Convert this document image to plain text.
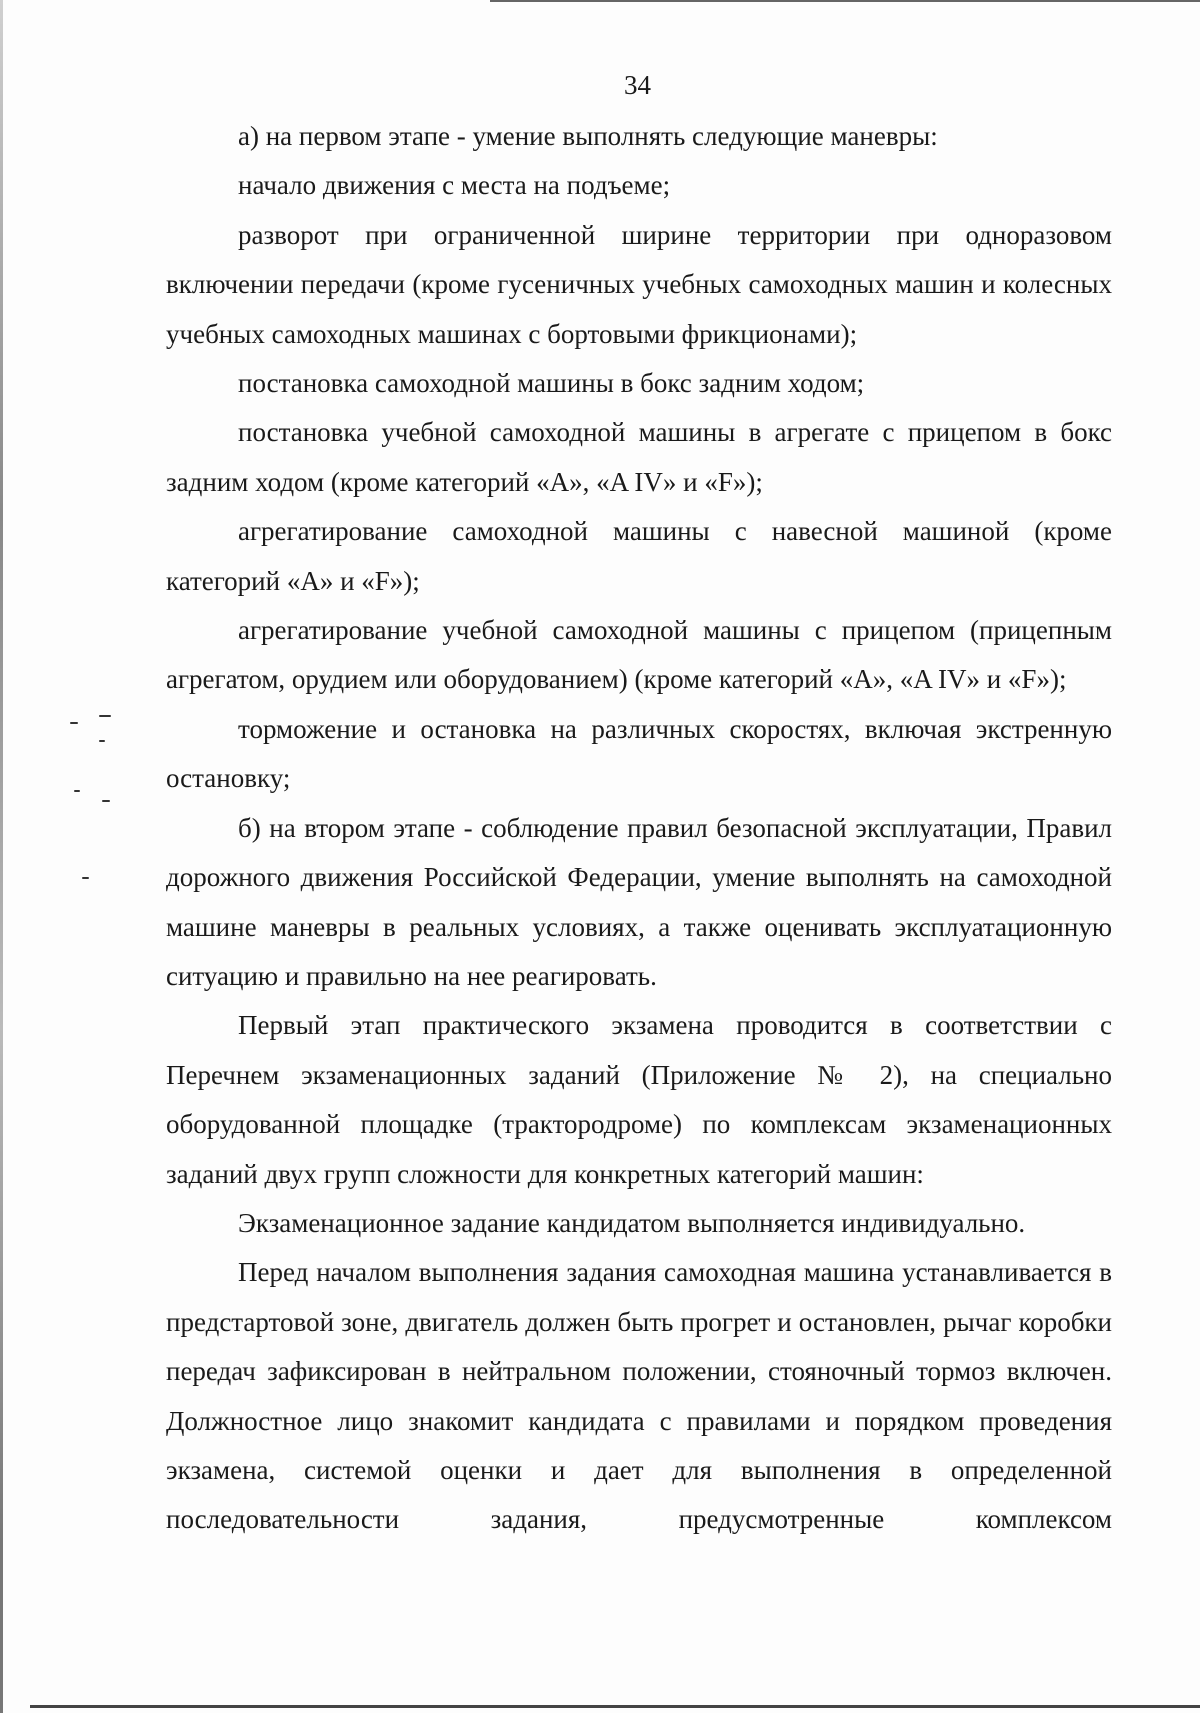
34

а) на первом этапе - умение выполнять следующие маневры:

начало движения с места на подъеме;

разворот при ограниченной ширине территории при одноразовом включении передачи (кроме гусеничных учебных самоходных машин и колесных учебных самоходных машинах с бортовыми фрикционами);

постановка самоходной машины в бокс задним ходом;

постановка учебной самоходной машины в агрегате с прицепом в бокс задним ходом (кроме категорий «А», «A IV» и «F»);

агрегатирование самоходной машины с навесной машиной (кроме категорий «А» и «F»);

агрегатирование учебной самоходной машины с прицепом (прицепным агрегатом, орудием или оборудованием) (кроме категорий «А», «A IV» и «F»);

торможение и остановка на различных скоростях, включая экстренную остановку;

б) на втором этапе - соблюдение правил безопасной эксплуатации, Правил дорожного движения Российской Федерации, умение выполнять на самоходной машине маневры в реальных условиях, а также оценивать эксплуатационную ситуацию и правильно на нее реагировать.

Первый этап практического экзамена проводится в соответствии с Перечнем экзаменационных заданий (Приложение № 2), на специально оборудованной площадке (трактородроме) по комплексам экзаменационных заданий двух групп сложности для конкретных категорий машин:

Экзаменационное задание кандидатом выполняется индивидуально.

Перед началом выполнения задания самоходная машина устанавливается в предстартовой зоне, двигатель должен быть прогрет и остановлен, рычаг коробки передач зафиксирован в нейтральном положении, стояночный тормоз включен. Должностное лицо знакомит кандидата с правилами и порядком проведения экзамена, системой оценки и дает для выполнения в определенной последовательности задания, предусмотренные комплексом
